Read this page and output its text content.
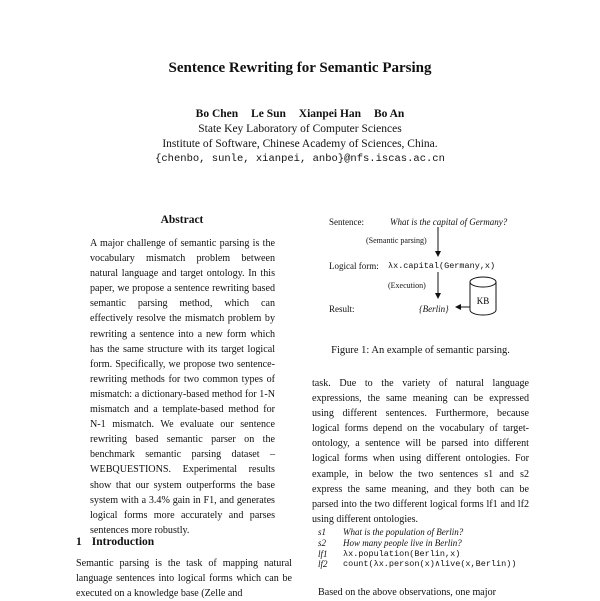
Sentence Rewriting for Semantic Parsing
Bo Chen Le Sun Xianpei Han Bo An
State Key Laboratory of Computer Sciences
Institute of Software, Chinese Academy of Sciences, China.
{chenbo, sunle, xianpei, anbo}@nfs.iscas.ac.cn
Abstract

A major challenge of semantic parsing is the vocabulary mismatch problem between natural language and target ontology. In this paper, we propose a sentence rewriting based semantic parsing method, which can effectively resolve the mismatch problem by rewriting a sentence into a new form which has the same structure with its target logical form. Specifically, we propose two sentence-rewriting methods for two common types of mismatch: a dictionary-based method for 1-N mismatch and a template-based method for N-1 mismatch. We evaluate our sentence rewriting based semantic parser on the benchmark semantic parsing dataset – WEBQUESTIONS. Experimental results show that our system outperforms the base system with a 3.4% gain in F1, and generates logical forms more accurately and parses sentences more robustly.

1 Introduction

Semantic parsing is the task of mapping natural language sentences into logical forms which can be executed on a knowledge base (Zelle and

Sentence:	What is the capital of Germany?
(Semantic parsing)
Logical form: λx.capital(Germany,x)
(Execution)
Result:	{Berlin}
KB
Figure 1: An example of semantic parsing.

task. Due to the variety of natural language expressions, the same meaning can be expressed using different sentences. Furthermore, because logical forms depend on the vocabulary of target-ontology, a sentence will be parsed into different logical forms when using different ontologies. For example, in below the two sentences s1 and s2 express the same meaning, and they both can be parsed into the two different logical forms lf1 and lf2 using different ontologies.

s1	What is the population of Berlin?
s2	How many people live in Berlin?
lf1	λx.population(Berlin,x)
lf2	count(λx.person(x)∧live(x,Berlin))
Based on the above observations, one major
